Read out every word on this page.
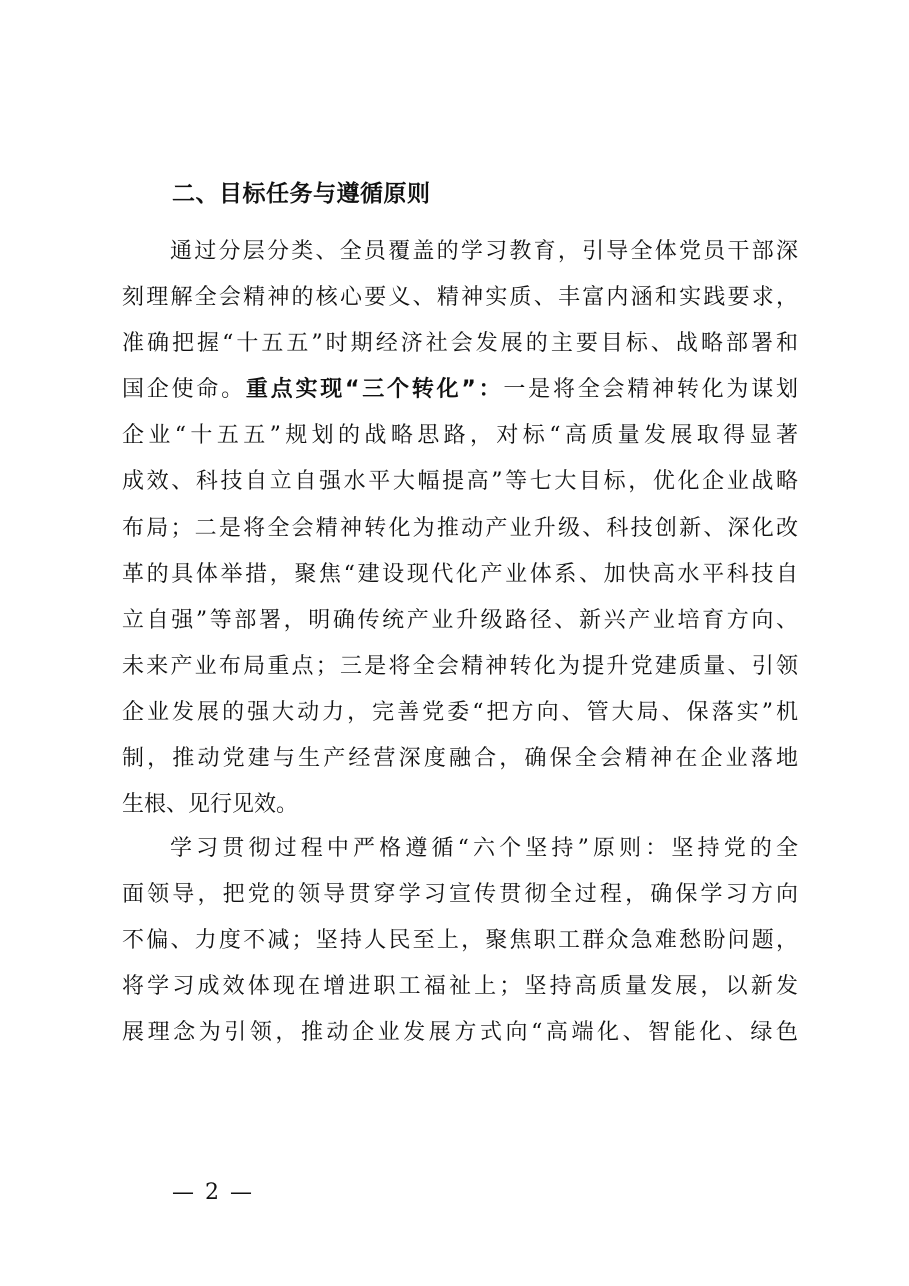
二、目标任务与遵循原则
通过分层分类、全员覆盖的学习教育，引导全体党员干部深
刻理解全会精神的核心要义、精神实质、丰富内涵和实践要求，
准确把握“十五五”时期经济社会发展的主要目标、战略部署和
国企使命。重点实现“三个转化”：一是将全会精神转化为谋划
企业“十五五”规划的战略思路，对标“高质量发展取得显著
成效、科技自立自强水平大幅提高”等七大目标，优化企业战略
布局；二是将全会精神转化为推动产业升级、科技创新、深化改
革的具体举措，聚焦“建设现代化产业体系、加快高水平科技自
立自强”等部署，明确传统产业升级路径、新兴产业培育方向、
未来产业布局重点；三是将全会精神转化为提升党建质量、引领
企业发展的强大动力，完善党委“把方向、管大局、保落实”机
制，推动党建与生产经营深度融合，确保全会精神在企业落地
生根、见行见效。
学习贯彻过程中严格遵循“六个坚持”原则：坚持党的全
面领导，把党的领导贯穿学习宣传贯彻全过程，确保学习方向
不偏、力度不减；坚持人民至上，聚焦职工群众急难愁盼问题，
将学习成效体现在增进职工福祉上；坚持高质量发展，以新发
展理念为引领，推动企业发展方式向“高端化、智能化、绿色
— 2 —
